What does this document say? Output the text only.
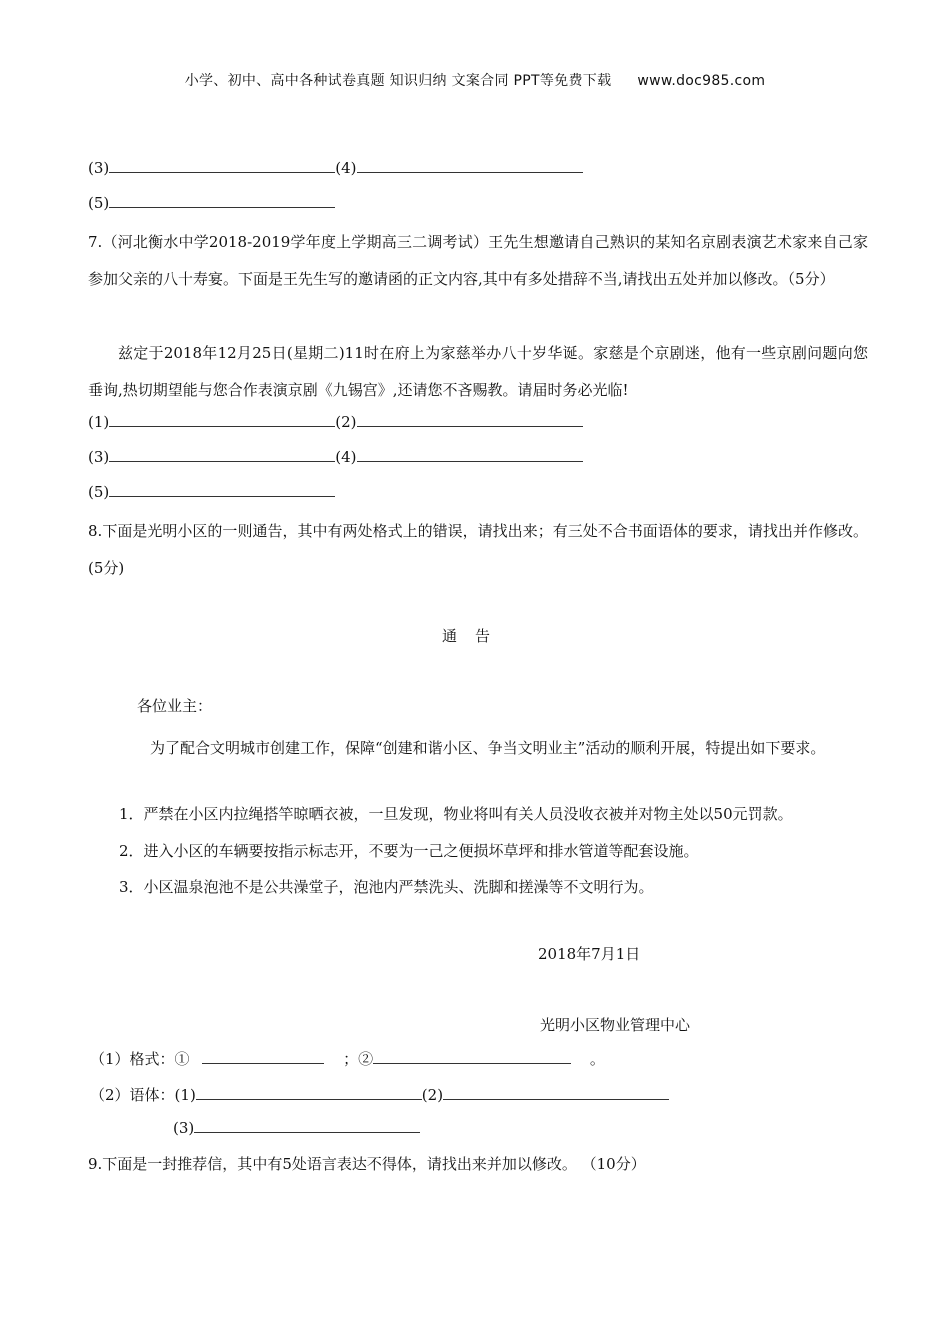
小学、初中、高中各种试卷真题 知识归纳 文案合同 PPT等免费下载 www.doc985.com
(3)	(4)
(5)
7.（河北衡水中学2018-2019学年度上学期高三二调考试）王先生想邀请自己熟识的某知名京剧表演艺术家来自己家参加父亲的八十寿宴。下面是王先生写的邀请函的正文内容,其中有多处措辞不当,请找出五处并加以修改。（5分）
兹定于2018年12月25日(星期二)11时在府上为家慈举办八十岁华诞。家慈是个京剧迷，他有一些京剧问题向您垂询,热切期望能与您合作表演京剧《九锡宫》,还请您不吝赐教。请届时务必光临!
(1)	(2)
(3)	(4)
(5)
8.下面是光明小区的一则通告，其中有两处格式上的错误，请找出来；有三处不合书面语体的要求，请找出并作修改。(5分)
通告
各位业主：
为了配合文明城市创建工作，保障“创建和谐小区、争当文明业主”活动的顺利开展，特提出如下要求。
1．严禁在小区内拉绳搭竿晾晒衣被，一旦发现，物业将叫有关人员没收衣被并对物主处以50元罚款。
2．进入小区的车辆要按指示标志开，不要为一己之便损坏草坪和排水管道等配套设施。
3．小区温泉泡池不是公共澡堂子，泡池内严禁洗头、洗脚和搓澡等不文明行为。
2018年7月1日
光明小区物业管理中心
（1）格式：①	；②	。
（2）语体：(1)	(2)
(3)
9.下面是一封推荐信，其中有5处语言表达不得体，请找出来并加以修改。 （10分）
